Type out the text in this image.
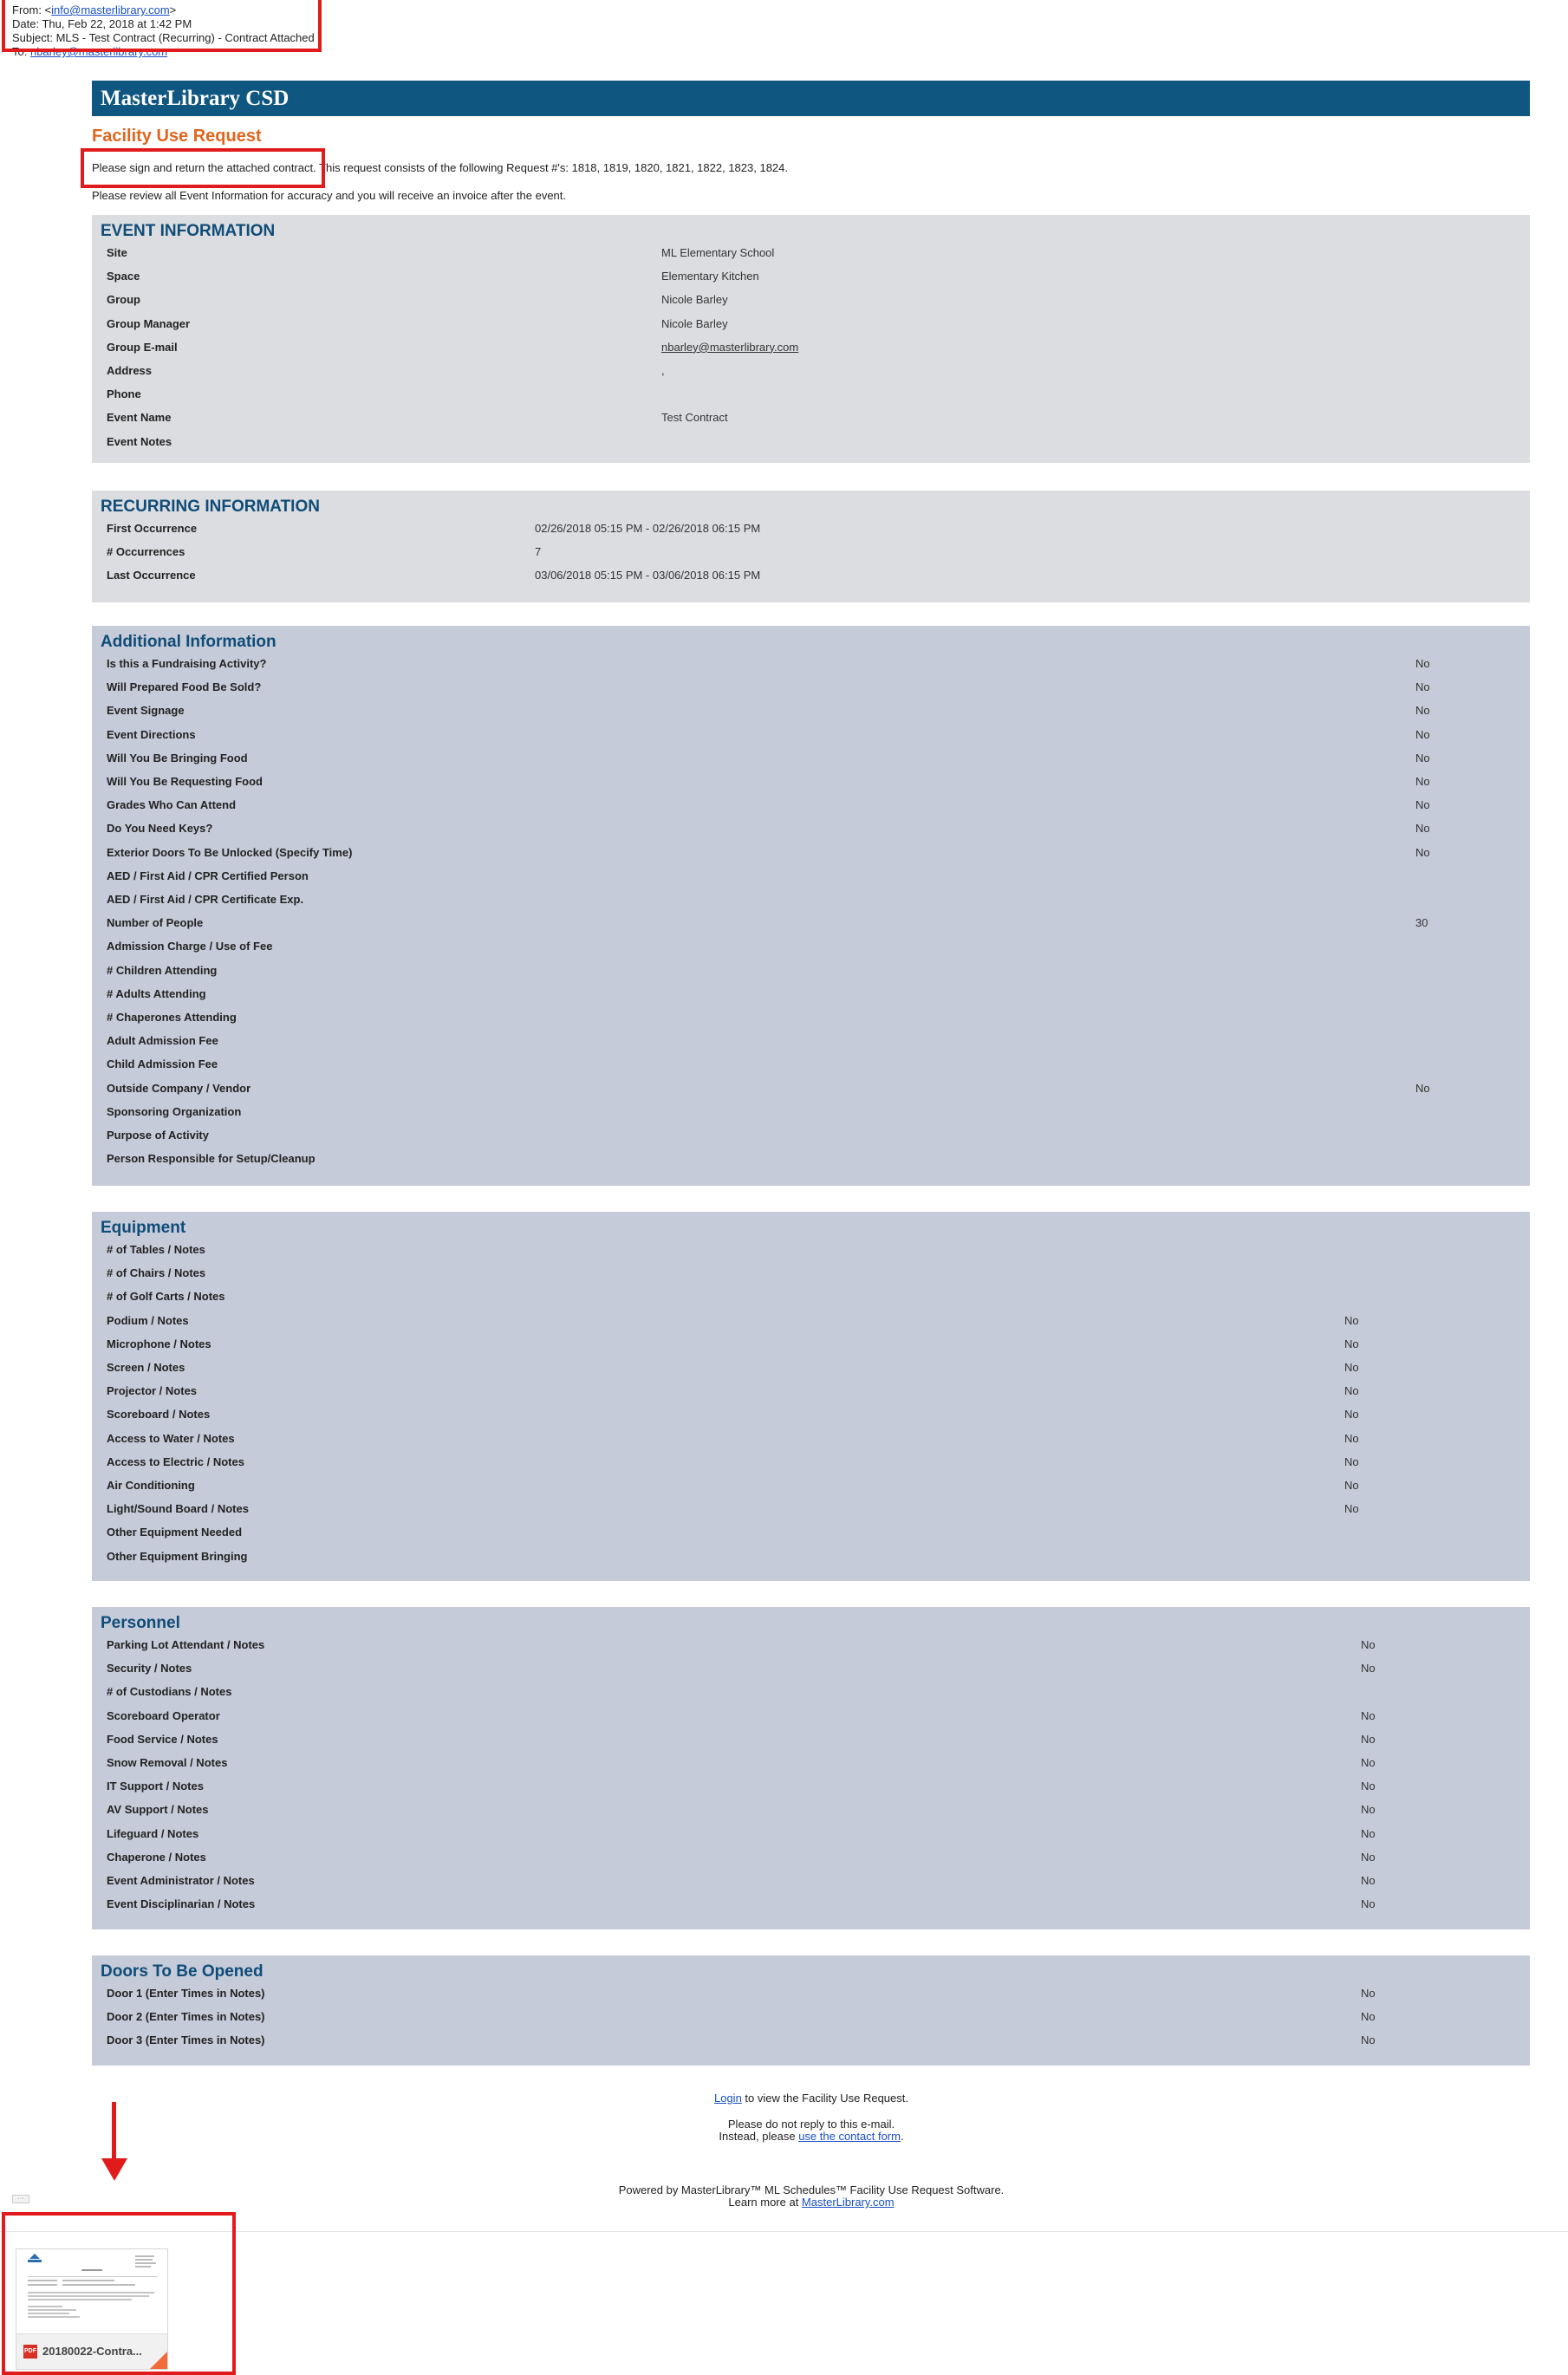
From: <info@masterlibrary.com>
Date: Thu, Feb 22, 2018 at 1:42 PM
Subject: MLS - Test Contract (Recurring) - Contract Attached
To: nbarley@masterlibrary.com
MasterLibrary CSD
Facility Use Request
Please sign and return the attached contract. This request consists of the following Request #'s: 1818, 1819, 1820, 1821, 1822, 1823, 1824.
Please review all Event Information for accuracy and you will receive an invoice after the event.
EVENT INFORMATION
Site	ML Elementary School
Space	Elementary Kitchen
Group	Nicole Barley
Group Manager	Nicole Barley
Group E-mail	nbarley@masterlibrary.com
Address	,
Phone
Event Name	Test Contract
Event Notes
RECURRING INFORMATION
First Occurrence	02/26/2018 05:15 PM - 02/26/2018 06:15 PM
# Occurrences	7
Last Occurrence	03/06/2018 05:15 PM - 03/06/2018 06:15 PM
Additional Information
Is this a Fundraising Activity?	No
Will Prepared Food Be Sold?	No
Event Signage	No
Event Directions	No
Will You Be Bringing Food	No
Will You Be Requesting Food	No
Grades Who Can Attend	No
Do You Need Keys?	No
Exterior Doors To Be Unlocked (Specify Time)	No
AED / First Aid / CPR Certified Person
AED / First Aid / CPR Certificate Exp.
Number of People	30
Admission Charge / Use of Fee
# Children Attending
# Adults Attending
# Chaperones Attending
Adult Admission Fee
Child Admission Fee
Outside Company / Vendor	No
Sponsoring Organization
Purpose of Activity
Person Responsible for Setup/Cleanup
Equipment
# of Tables / Notes
# of Chairs / Notes
# of Golf Carts / Notes
Podium / Notes	No
Microphone / Notes	No
Screen / Notes	No
Projector / Notes	No
Scoreboard / Notes	No
Access to Water / Notes	No
Access to Electric / Notes	No
Air Conditioning	No
Light/Sound Board / Notes	No
Other Equipment Needed
Other Equipment Bringing
Personnel
Parking Lot Attendant / Notes	No
Security / Notes	No
# of Custodians / Notes
Scoreboard Operator	No
Food Service / Notes	No
Snow Removal / Notes	No
IT Support / Notes	No
AV Support / Notes	No
Lifeguard / Notes	No
Chaperone / Notes	No
Event Administrator / Notes	No
Event Disciplinarian / Notes	No
Doors To Be Opened
Door 1 (Enter Times in Notes)	No
Door 2 (Enter Times in Notes)	No
Door 3 (Enter Times in Notes)	No
Login to view the Facility Use Request.
Please do not reply to this e-mail.
Instead, please use the contact form.
Powered by MasterLibrary™ ML Schedules™ Facility Use Request Software.
Learn more at MasterLibrary.com
···
PDF 20180022-Contra...
